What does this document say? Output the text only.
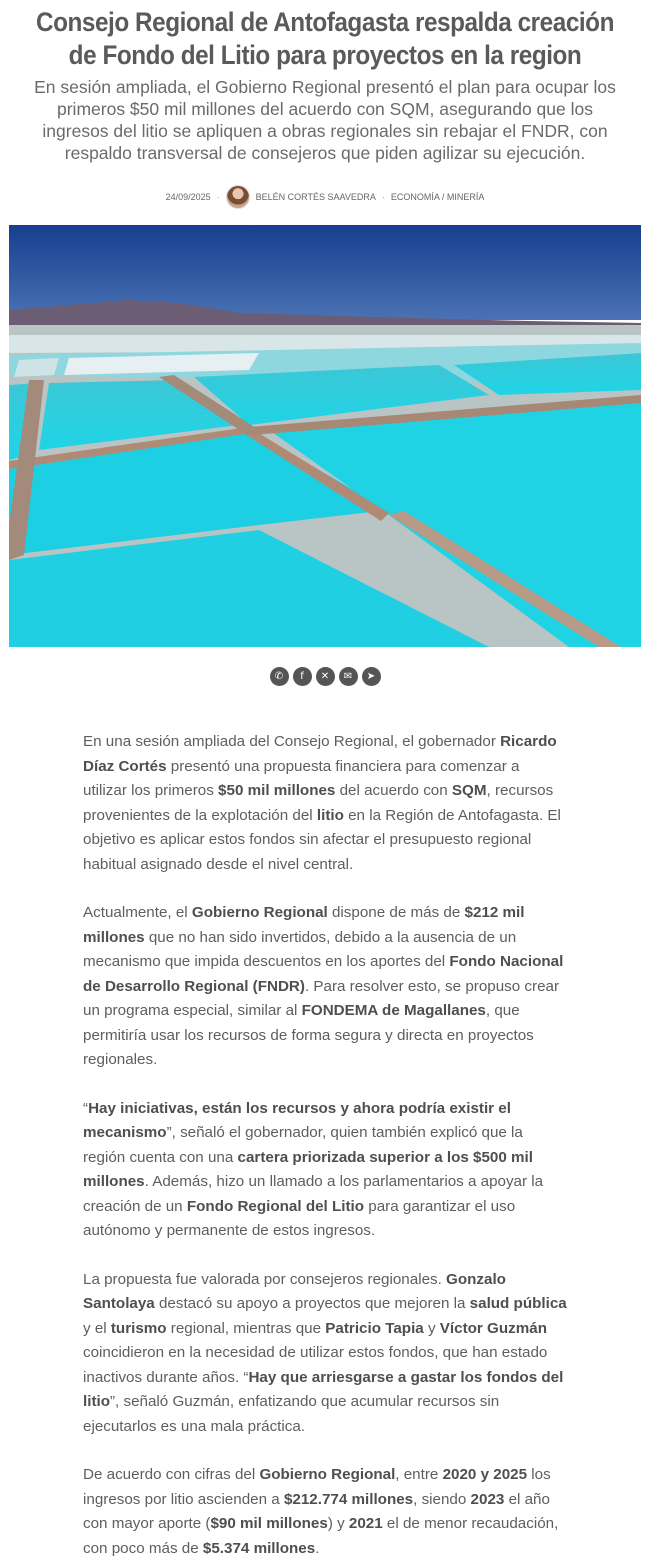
Consejo Regional de Antofagasta respalda creación de Fondo del Litio para proyectos en la region

En sesión ampliada, el Gobierno Regional presentó el plan para ocupar los primeros $50 mil millones del acuerdo con SQM, asegurando que los ingresos del litio se apliquen a obras regionales sin rebajar el FNDR, con respaldo transversal de consejeros que piden agilizar su ejecución.

24/09/2025 ·	BELÉN CORTÉS SAAVEDRA · ECONOMÍA / MINERÍA
✆	f	✕	✉	➤

En una sesión ampliada del Consejo Regional, el gobernador Ricardo Díaz Cortés presentó una propuesta financiera para comenzar a utilizar los primeros $50 mil millones del acuerdo con SQM, recursos provenientes de la explotación del litio en la Región de Antofagasta. El objetivo es aplicar estos fondos sin afectar el presupuesto regional habitual asignado desde el nivel central.

Actualmente, el Gobierno Regional dispone de más de $212 mil millones que no han sido invertidos, debido a la ausencia de un mecanismo que impida descuentos en los aportes del Fondo Nacional de Desarrollo Regional (FNDR). Para resolver esto, se propuso crear un programa especial, similar al FONDEMA de Magallanes, que permitiría usar los recursos de forma segura y directa en proyectos regionales.

“Hay iniciativas, están los recursos y ahora podría existir el mecanismo”, señaló el gobernador, quien también explicó que la región cuenta con una cartera priorizada superior a los $500 mil millones. Además, hizo un llamado a los parlamentarios a apoyar la creación de un Fondo Regional del Litio para garantizar el uso autónomo y permanente de estos ingresos.

La propuesta fue valorada por consejeros regionales. Gonzalo Santolaya destacó su apoyo a proyectos que mejoren la salud pública y el turismo regional, mientras que Patricio Tapia y Víctor Guzmán coincidieron en la necesidad de utilizar estos fondos, que han estado inactivos durante años. “Hay que arriesgarse a gastar los fondos del litio”, señaló Guzmán, enfatizando que acumular recursos sin ejecutarlos es una mala práctica.

De acuerdo con cifras del Gobierno Regional, entre 2020 y 2025 los ingresos por litio ascienden a $212.774 millones, siendo 2023 el año con mayor aporte ($90 mil millones) y 2021 el de menor recaudación, con poco más de $5.374 millones.
